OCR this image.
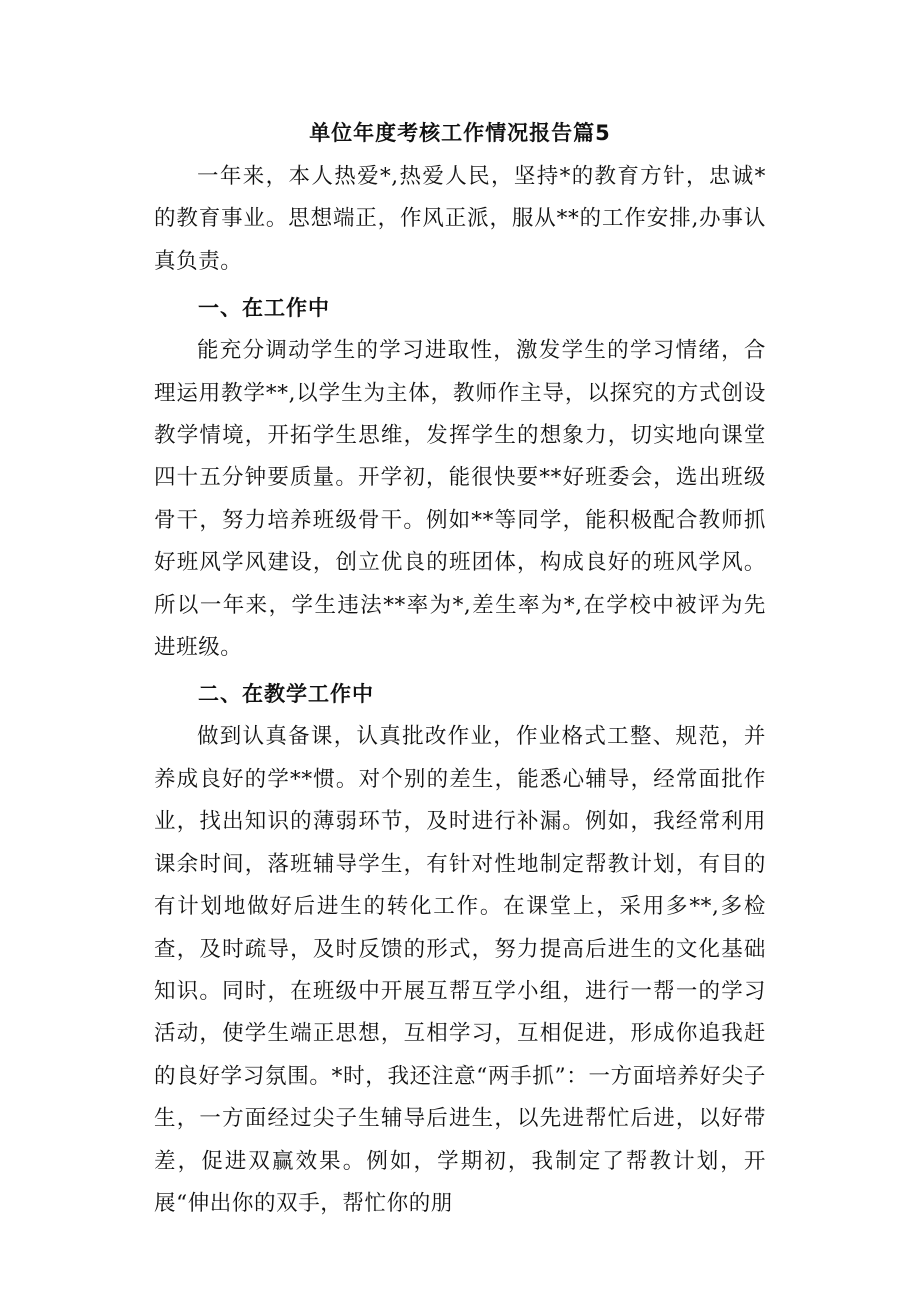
单位年度考核工作情况报告篇5

一年来，本人热爱*,热爱人民，坚持*的教育方针，忠诚*的教育事业。思想端正，作风正派，服从**的工作安排,办事认真负责。

一、在工作中

能充分调动学生的学习进取性，激发学生的学习情绪，合理运用教学**,以学生为主体，教师作主导，以探究的方式创设教学情境，开拓学生思维，发挥学生的想象力，切实地向课堂四十五分钟要质量。开学初，能很快要**好班委会，选出班级骨干，努力培养班级骨干。例如**等同学，能积极配合教师抓好班风学风建设，创立优良的班团体，构成良好的班风学风。所以一年来，学生违法**率为*,差生率为*,在学校中被评为先进班级。

二、在教学工作中

做到认真备课，认真批改作业，作业格式工整、规范，并养成良好的学**惯。对个别的差生，能悉心辅导，经常面批作业，找出知识的薄弱环节，及时进行补漏。例如，我经常利用课余时间，落班辅导学生，有针对性地制定帮教计划，有目的有计划地做好后进生的转化工作。在课堂上，采用多**,多检查，及时疏导，及时反馈的形式，努力提高后进生的文化基础知识。同时，在班级中开展互帮互学小组，进行一帮一的学习活动，使学生端正思想，互相学习，互相促进，形成你追我赶的良好学习氛围。*时，我还注意“两手抓”：一方面培养好尖子生，一方面经过尖子生辅导后进生，以先进帮忙后进，以好带差，促进双赢效果。例如，学期初，我制定了帮教计划，开展“伸出你的双手，帮忙你的朋
